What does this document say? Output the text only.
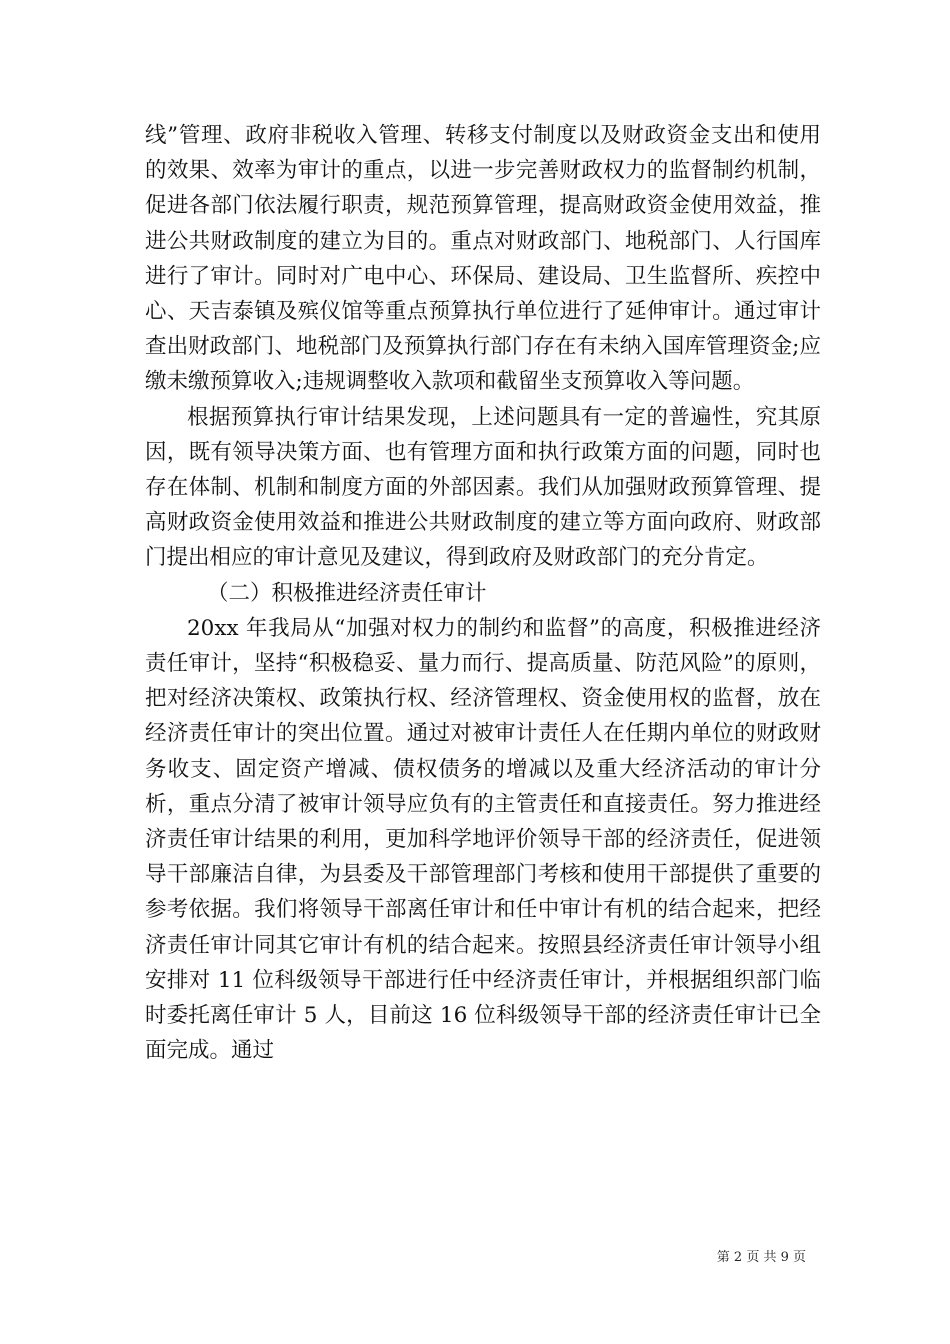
线”管理、政府非税收入管理、转移支付制度以及财政资金支出和使用的效果、效率为审计的重点，以进一步完善财政权力的监督制约机制，促进各部门依法履行职责，规范预算管理，提高财政资金使用效益，推进公共财政制度的建立为目的。重点对财政部门、地税部门、人行国库进行了审计。同时对广电中心、环保局、建设局、卫生监督所、疾控中心、天吉泰镇及殡仪馆等重点预算执行单位进行了延伸审计。通过审计查出财政部门、地税部门及预算执行部门存在有未纳入国库管理资金;应缴未缴预算收入;违规调整收入款项和截留坐支预算收入等问题。

根据预算执行审计结果发现，上述问题具有一定的普遍性，究其原因，既有领导决策方面、也有管理方面和执行政策方面的问题，同时也存在体制、机制和制度方面的外部因素。我们从加强财政预算管理、提高财政资金使用效益和推进公共财政制度的建立等方面向政府、财政部门提出相应的审计意见及建议，得到政府及财政部门的充分肯定。

（二）积极推进经济责任审计

20xx 年我局从“加强对权力的制约和监督”的高度，积极推进经济责任审计，坚持“积极稳妥、量力而行、提高质量、防范风险”的原则，把对经济决策权、政策执行权、经济管理权、资金使用权的监督，放在经济责任审计的突出位置。通过对被审计责任人在任期内单位的财政财务收支、固定资产增减、债权债务的增减以及重大经济活动的审计分析，重点分清了被审计领导应负有的主管责任和直接责任。努力推进经济责任审计结果的利用，更加科学地评价领导干部的经济责任，促进领导干部廉洁自律，为县委及干部管理部门考核和使用干部提供了重要的参考依据。我们将领导干部离任审计和任中审计有机的结合起来，把经济责任审计同其它审计有机的结合起来。按照县经济责任审计领导小组安排对 11 位科级领导干部进行任中经济责任审计，并根据组织部门临时委托离任审计 5 人，目前这 16 位科级领导干部的经济责任审计已全面完成。通过

第 2 页 共 9 页
